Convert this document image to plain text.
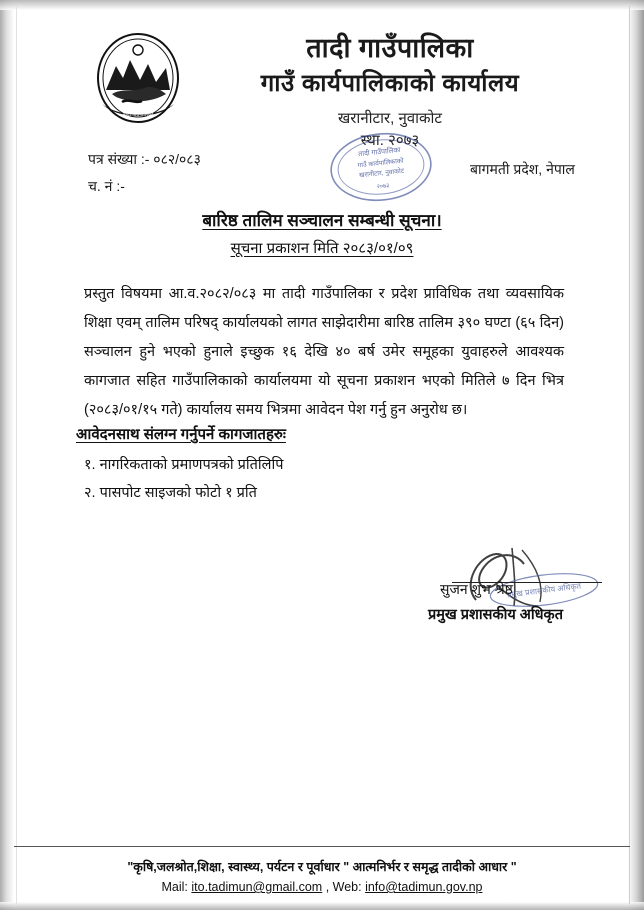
तादी गाउँपालिका
तादी गाउँपालिका
गाउँ कार्यपालिकाको कार्यालय
खरानीटार, नुवाकोट
स्था. २०७३
पत्र संख्या :- ०८२/०८३
च. नं :-
बागमती प्रदेश, नेपाल
तादी गाउँपालिका
गाउँ कार्यपालिकाको
खरानीटार, नुवाकोट
२०७३
बारिष्ठ तालिम सञ्चालन सम्बन्धी सूचना।
सूचना प्रकाशन मिति २०८३/०१/०९
प्रस्तुत विषयमा आ.व.२०८२/०८३ मा तादी गाउँपालिका र प्रदेश प्राविधिक तथा व्यवसायिक शिक्षा एवम् तालिम परिषद् कार्यालयको लागत साझेदारीमा बारिष्ठ तालिम ३९० घण्टा (६५ दिन) सञ्चालन हुने भएको हुनाले इच्छुक १६ देखि ४० बर्ष उमेर समूहका युवाहरुले आवश्यक कागजात सहित गाउँपालिकाको कार्यालयमा यो सूचना प्रकाशन भएको मितिले ७ दिन भित्र (२०८३/०१/१५ गते) कार्यालय समय भित्रमा आवेदन पेश गर्नु हुन अनुरोध छ।
आवेदनसाथ संलग्न गर्नुपर्ने कागजातहरुः
१. नागरिकताको प्रमाणपत्रको प्रतिलिपि
२. पासपोट साइजको फोटो १ प्रति
प्रमुख प्रशासकीय अधिकृत
सुजन शुभ श्रेष्ठ
प्रमुख प्रशासकीय अधिकृत
"कृषि,जलश्रोत,शिक्षा, स्वास्थ्य, पर्यटन र पूर्वाधार " आत्मनिर्भर र समृद्ध तादीको आधार "
Mail: ito.tadimun@gmail.com , Web: info@tadimun.gov.np
